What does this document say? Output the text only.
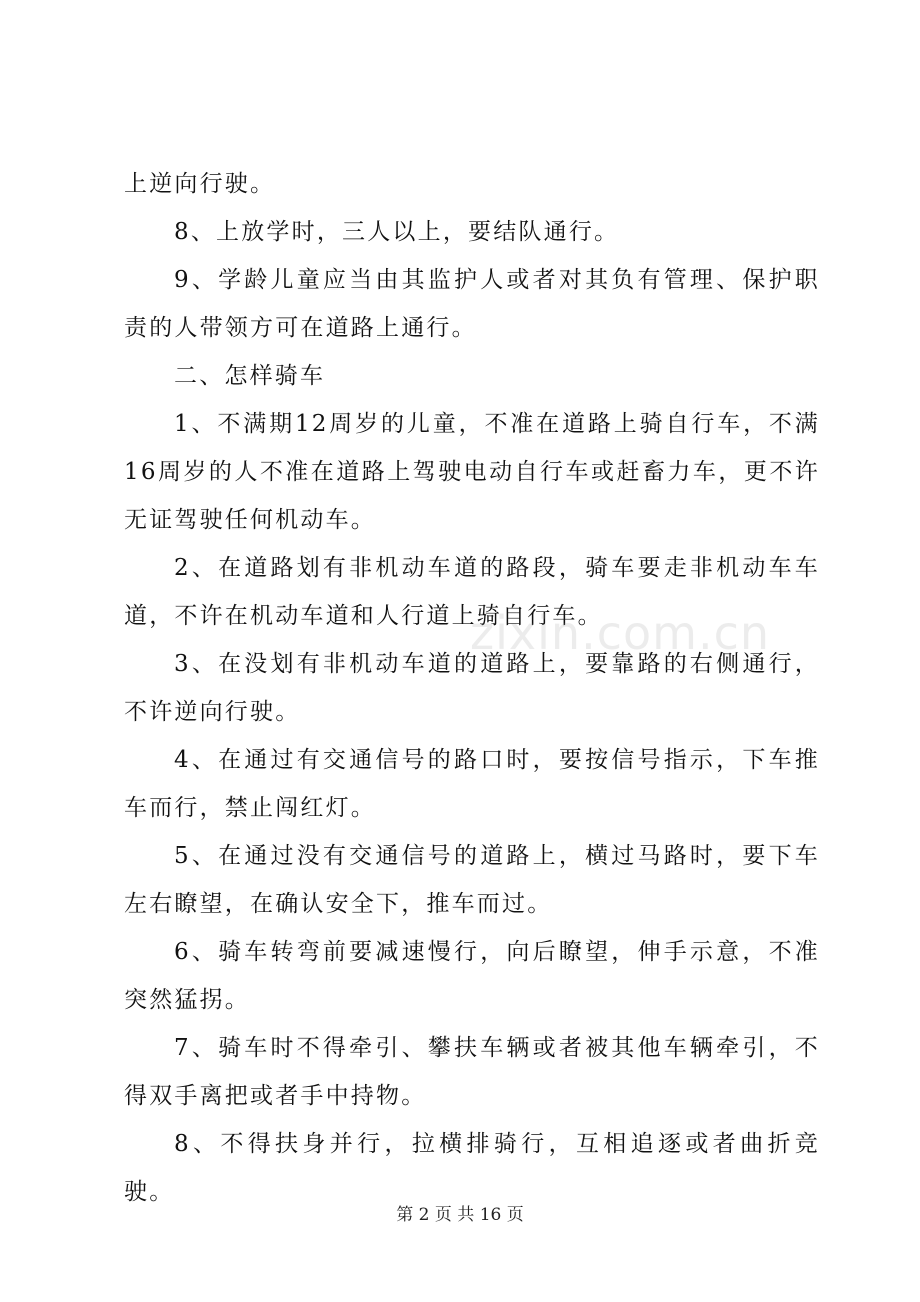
上逆向行驶。

8、上放学时，三人以上，要结队通行。

9、学龄儿童应当由其监护人或者对其负有管理、保护职责的人带领方可在道路上通行。

二、怎样骑车

1、不满期12周岁的儿童，不准在道路上骑自行车，不满16周岁的人不准在道路上驾驶电动自行车或赶畜力车，更不许无证驾驶任何机动车。

2、在道路划有非机动车道的路段，骑车要走非机动车车道，不许在机动车道和人行道上骑自行车。

3、在没划有非机动车道的道路上，要靠路的右侧通行，不许逆向行驶。

4、在通过有交通信号的路口时，要按信号指示，下车推车而行，禁止闯红灯。

5、在通过没有交通信号的道路上，横过马路时，要下车左右瞭望，在确认安全下，推车而过。

6、骑车转弯前要减速慢行，向后瞭望，伸手示意，不准突然猛拐。

7、骑车时不得牵引、攀扶车辆或者被其他车辆牵引，不得双手离把或者手中持物。

8、不得扶身并行，拉横排骑行，互相追逐或者曲折竞驶。

zixin.com.cn
第 2 页 共 16 页
